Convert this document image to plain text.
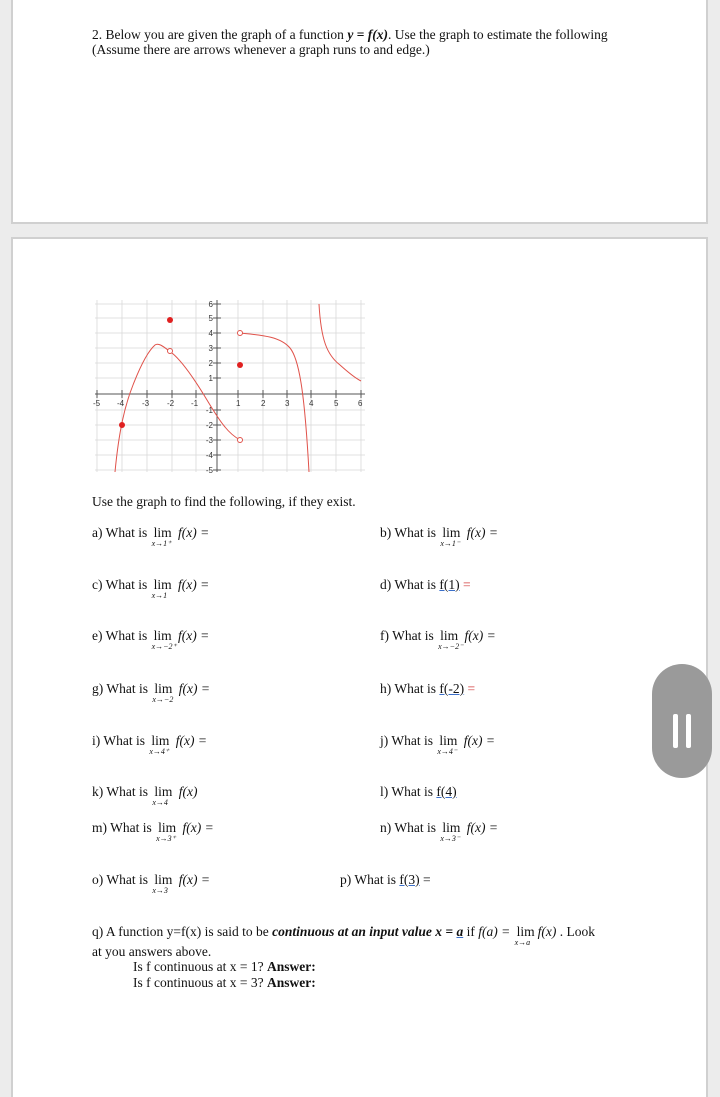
2. Below you are given the graph of a function y = f(x). Use the graph to estimate the following
(Assume there are arrows whenever a graph runs to and edge.)
-5 -4 -3 -2 -1	1	2 3 4	5 6
6
5
4
3
2
1
-1
-2
-3
-4
-5
Use the graph to find the following, if they exist.
a) What is lim
x→1⁺
f(x) =	b) What is lim
x→1⁻
f(x) =
c) What is lim
x→1
f(x) =	d) What is f(1) =
e) What is lim
x→−2⁺
f(x) =	f) What is lim
x→−2⁻
f(x) =
g) What is lim
x→−2
f(x) =	h) What is f(-2) =
i) What is lim
x→4⁺
f(x) =	j) What is lim
x→4⁻
f(x) =
k) What is lim
x→4
f(x)	l) What is f(4)
m) What is lim
x→3⁺
f(x) =	n) What is lim
x→3⁻
f(x) =
o) What is lim
x→3
f(x) =	p) What is f(3) =
q) A function y=f(x) is said to be continuous at an input value x = a if f(a) = lim
x→a
f(x) . Look
at you answers above.
Is f continuous at x = 1? Answer:
Is f continuous at x = 3? Answer:
